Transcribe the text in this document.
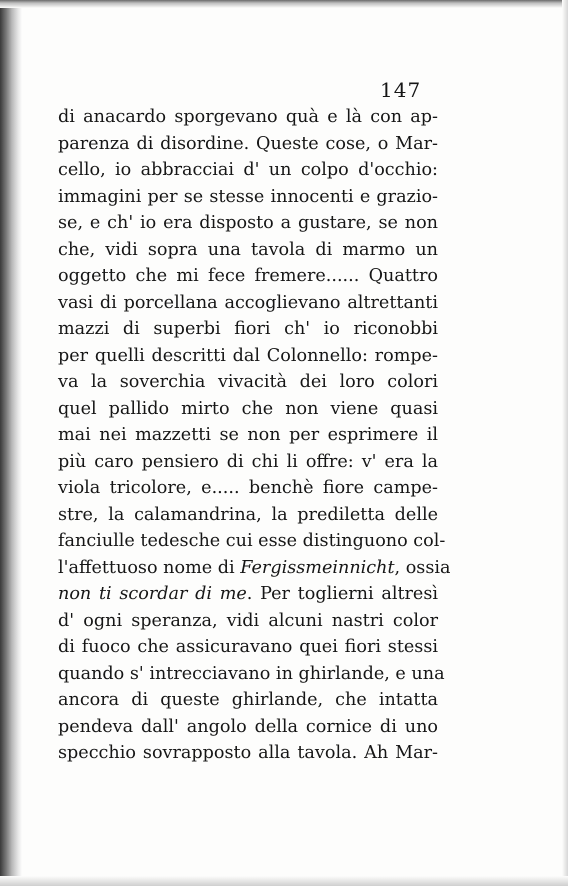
147
di anacardo sporgevano quà e là con ap-
parenza di disordine. Queste cose, o Mar-
cello, io abbracciai d' un colpo d'occhio:
immagini per se stesse innocenti e grazio-
se, e ch' io era disposto a gustare, se non
che, vidi sopra una tavola di marmo un
oggetto che mi fece fremere...... Quattro
vasi di porcellana accoglievano altrettanti
mazzi di superbi fiori ch' io riconobbi
per quelli descritti dal Colonnello: rompe-
va la soverchia vivacità dei loro colori
quel pallido mirto che non viene quasi
mai nei mazzetti se non per esprimere il
più caro pensiero di chi li offre: v' era la
viola tricolore, e..... benchè fiore campe-
stre, la calamandrina, la prediletta delle
fanciulle tedesche cui esse distinguono col-
l'affettuoso nome di Fergissmeinnicht, ossia
non ti scordar di me. Per toglierni altresì
d' ogni speranza, vidi alcuni nastri color
di fuoco che assicuravano quei fiori stessi
quando s' intrecciavano in ghirlande, e una
ancora di queste ghirlande, che intatta
pendeva dall' angolo della cornice di uno
specchio sovrapposto alla tavola. Ah Mar-
